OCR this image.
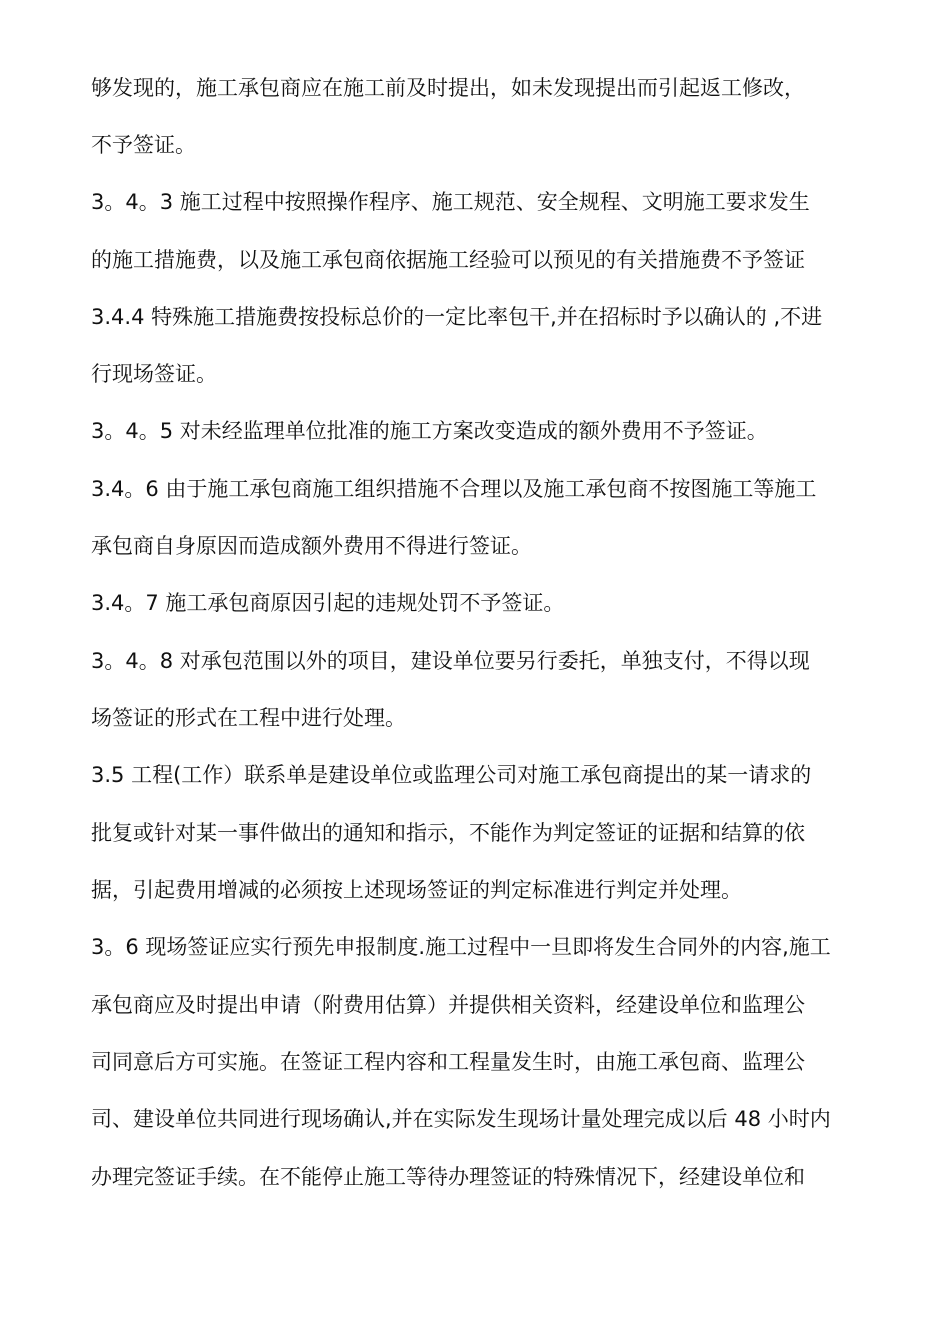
够发现的，施工承包商应在施工前及时提出，如未发现提出而引起返工修改，
不予签证。
3。4。3 施工过程中按照操作程序、施工规范、安全规程、文明施工要求发生
的施工措施费，以及施工承包商依据施工经验可以预见的有关措施费不予签证
3.4.4 特殊施工措施费按投标总价的一定比率包干,并在招标时予以确认的 ,不进
行现场签证。
3。4。5 对未经监理单位批准的施工方案改变造成的额外费用不予签证。
3.4。6 由于施工承包商施工组织措施不合理以及施工承包商不按图施工等施工
承包商自身原因而造成额外费用不得进行签证。
3.4。7 施工承包商原因引起的违规处罚不予签证。
3。4。8 对承包范围以外的项目，建设单位要另行委托，单独支付，不得以现
场签证的形式在工程中进行处理。
3.5 工程(工作）联系单是建设单位或监理公司对施工承包商提出的某一请求的
批复或针对某一事件做出的通知和指示，不能作为判定签证的证据和结算的依
据，引起费用增减的必须按上述现场签证的判定标准进行判定并处理。
3。6 现场签证应实行预先申报制度.施工过程中一旦即将发生合同外的内容,施工
承包商应及时提出申请（附费用估算）并提供相关资料，经建设单位和监理公
司同意后方可实施。在签证工程内容和工程量发生时，由施工承包商、监理公
司、建设单位共同进行现场确认,并在实际发生现场计量处理完成以后 48 小时内
办理完签证手续。在不能停止施工等待办理签证的特殊情况下，经建设单位和
